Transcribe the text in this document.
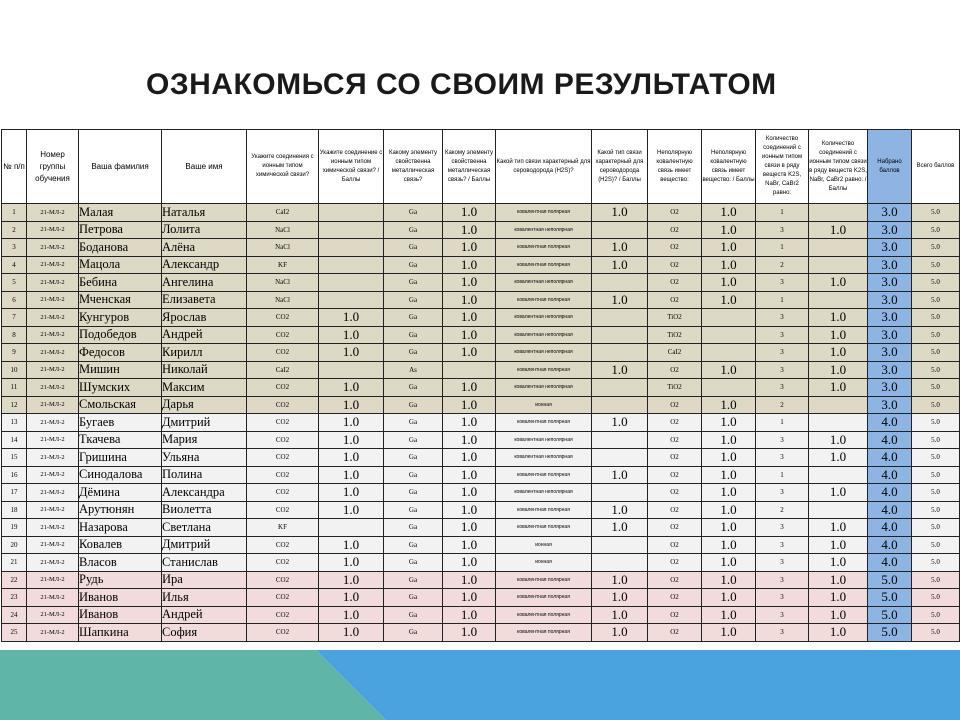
ОЗНАКОМЬСЯ СО СВОИМ РЕЗУЛЬТАТОМ
№ п/п	Номер группы обучения	Ваша фамилия	Ваше имя	Укажите соединения с ионным типом химической связи?	Укажите соединение с ионным типом химической связи? / Баллы	Какому элементу свойственна металлическая связь?	Какому элементу свойственна металлическая связь? / Баллы	Какой тип связи характерный для сероводорода (H2S)?	Какой тип связи характерный для сероводорода (H2S)? / Баллы	Неполярную ковалентную связь имеет вещество:	Неполярную ковалентную связь имеет вещество: / Баллы	Количество соединений с ионным типом связи в ряду веществ K2S, NaBr, CaBr2 равно:	Количество соединений с ионным типом связи в ряду веществ K2S, NaBr, CaBr2 равно: / Баллы	Набрано баллов	Всего баллов
1	21-МЛ-2	Малая	Наталья	CaI2		Ga	1.0	ковалентная полярная	1.0	O2	1.0	1		3.0	5.0
2	21-МЛ-2	Петрова	Лолита	NaCl		Ga	1.0	ковалентная неполярная		O2	1.0	3	1.0	3.0	5.0
3	21-МЛ-2	Боданова	Алёна	NaCl		Ga	1.0	ковалентная полярная	1.0	O2	1.0	1		3.0	5.0
4	21-МЛ-2	Мацола	Александр	KF		Ga	1.0	ковалентная полярная	1.0	O2	1.0	2		3.0	5.0
5	21-МЛ-2	Бебина	Ангелина	NaCl		Ga	1.0	ковалентная неполярная		O2	1.0	3	1.0	3.0	5.0
6	21-МЛ-2	Мченская	Елизавета	NaCl		Ga	1.0	ковалентная полярная	1.0	O2	1.0	1		3.0	5.0
7	21-МЛ-2	Кунгуров	Ярослав	CO2	1.0	Ga	1.0	ковалентная неполярная		TiO2		3	1.0	3.0	5.0
8	21-МЛ-2	Подобедов	Андрей	CO2	1.0	Ga	1.0	ковалентная неполярная		TiO2		3	1.0	3.0	5.0
9	21-МЛ-2	Федосов	Кирилл	CO2	1.0	Ga	1.0	ковалентная неполярная		CaI2		3	1.0	3.0	5.0
10	21-МЛ-2	Мишин	Николай	CaI2		As		ковалентная полярная	1.0	O2	1.0	3	1.0	3.0	5.0
11	21-МЛ-2	Шумских	Максим	CO2	1.0	Ga	1.0	ковалентная неполярная		TiO2		3	1.0	3.0	5.0
12	21-МЛ-2	Смольская	Дарья	CO2	1.0	Ga	1.0	ионная		O2	1.0	2		3.0	5.0
13	21-МЛ-2	Бугаев	Дмитрий	CO2	1.0	Ga	1.0	ковалентная полярная	1.0	O2	1.0	1		4.0	5.0
14	21-МЛ-2	Ткачева	Мария	CO2	1.0	Ga	1.0	ковалентная неполярная		O2	1.0	3	1.0	4.0	5.0
15	21-МЛ-2	Гришина	Ульяна	CO2	1.0	Ga	1.0	ковалентная неполярная		O2	1.0	3	1.0	4.0	5.0
16	21-МЛ-2	Синодалова	Полина	CO2	1.0	Ga	1.0	ковалентная полярная	1.0	O2	1.0	1		4.0	5.0
17	21-МЛ-2	Дёмина	Александра	CO2	1.0	Ga	1.0	ковалентная неполярная		O2	1.0	3	1.0	4.0	5.0
18	21-МЛ-2	Арутюнян	Виолетта	CO2	1.0	Ga	1.0	ковалентная полярная	1.0	O2	1.0	2		4.0	5.0
19	21-МЛ-2	Назарова	Светлана	KF		Ga	1.0	ковалентная полярная	1.0	O2	1.0	3	1.0	4.0	5.0
20	21-МЛ-2	Ковалев	Дмитрий	CO2	1.0	Ga	1.0	ионная		O2	1.0	3	1.0	4.0	5.0
21	21-МЛ-2	Власов	Станислав	CO2	1.0	Ga	1.0	ионная		O2	1.0	3	1.0	4.0	5.0
22	21-МЛ-2	Рудь	Ира	CO2	1.0	Ga	1.0	ковалентная полярная	1.0	O2	1.0	3	1.0	5.0	5.0
23	21-МЛ-2	Иванов	Илья	CO2	1.0	Ga	1.0	ковалентная полярная	1.0	O2	1.0	3	1.0	5.0	5.0
24	21-МЛ-2	Иванов	Андрей	CO2	1.0	Ga	1.0	ковалентная полярная	1.0	O2	1.0	3	1.0	5.0	5.0
25	21-МЛ-2	Шапкина	София	CO2	1.0	Ga	1.0	ковалентная полярная	1.0	O2	1.0	3	1.0	5.0	5.0
